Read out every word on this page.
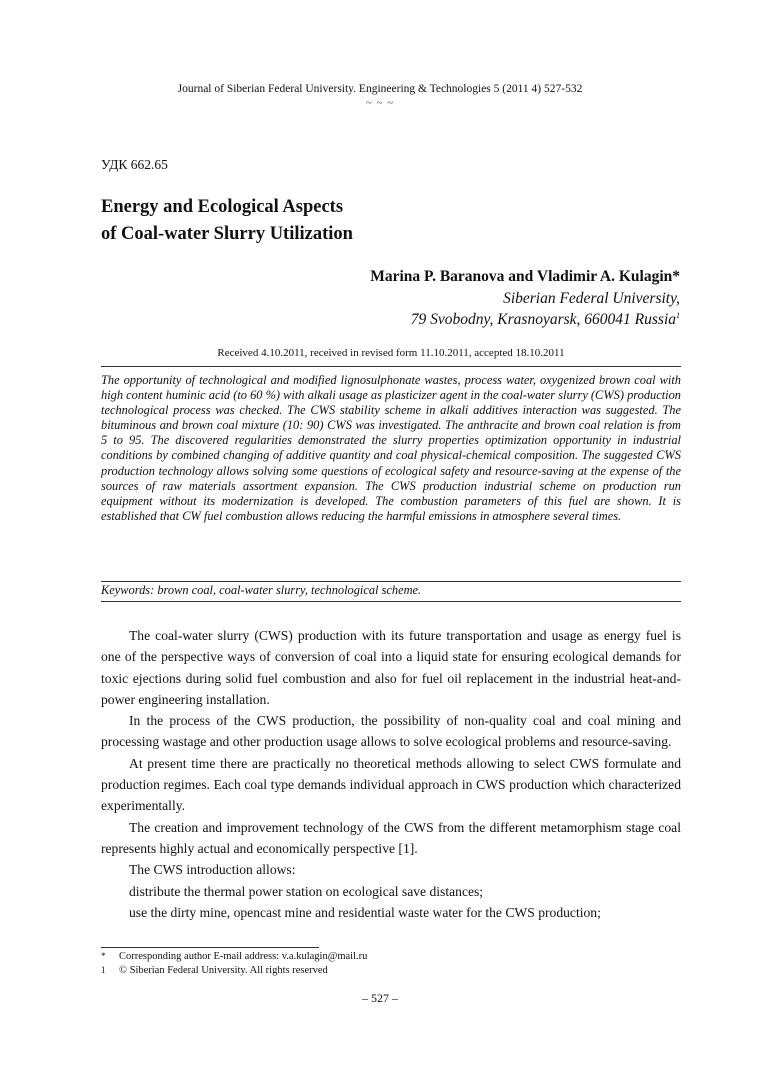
Journal of Siberian Federal University. Engineering & Technologies 5 (2011 4) 527-532
~ ~ ~
УДК 662.65
Energy and Ecological Aspects
of Coal-water Slurry Utilization
Marina P. Baranova and Vladimir A. Kulagin*
Siberian Federal University,
79 Svobodny, Krasnoyarsk, 660041 Russia$^1$
Received 4.10.2011, received in revised form 11.10.2011, accepted 18.10.2011
The opportunity of technological and modified lignosulphonate wastes, process water, oxygenized brown coal with high content huminic acid (to 60 %) with alkali usage as plasticizer agent in the coal-water slurry (CWS) production technological process was checked. The CWS stability scheme in alkali additives interaction was suggested. The bituminous and brown coal mixture (10: 90) CWS was investigated. The anthracite and brown coal relation is from 5 to 95. The discovered regularities demonstrated the slurry properties optimization opportunity in industrial conditions by combined changing of additive quantity and coal physical-chemical composition. The suggested CWS production technology allows solving some questions of ecological safety and resource-saving at the expense of the sources of raw materials assortment expansion. The CWS production industrial scheme on production run equipment without its modernization is developed. The combustion parameters of this fuel are shown. It is established that CW fuel combustion allows reducing the harmful emissions in atmosphere several times.
Keywords: brown coal, coal-water slurry, technological scheme.

The coal-water slurry (CWS) production with its future transportation and usage as energy fuel is one of the perspective ways of conversion of coal into a liquid state for ensuring ecological demands for toxic ejections during solid fuel combustion and also for fuel oil replacement in the industrial heat-and-power engineering installation.

In the process of the CWS production, the possibility of non-quality coal and coal mining and processing wastage and other production usage allows to solve ecological problems and resource-saving.

At present time there are practically no theoretical methods allowing to select CWS formulate and production regimes. Each coal type demands individual approach in CWS production which characterized experimentally.

The creation and improvement technology of the CWS from the different metamorphism stage coal represents highly actual and economically perspective [1].

The CWS introduction allows:

distribute the thermal power station on ecological save distances;

use the dirty mine, opencast mine and residential waste water for the CWS production;

* Corresponding author E-mail address: v.a.kulagin@mail.ru
1 © Siberian Federal University. All rights reserved
– 527 –
